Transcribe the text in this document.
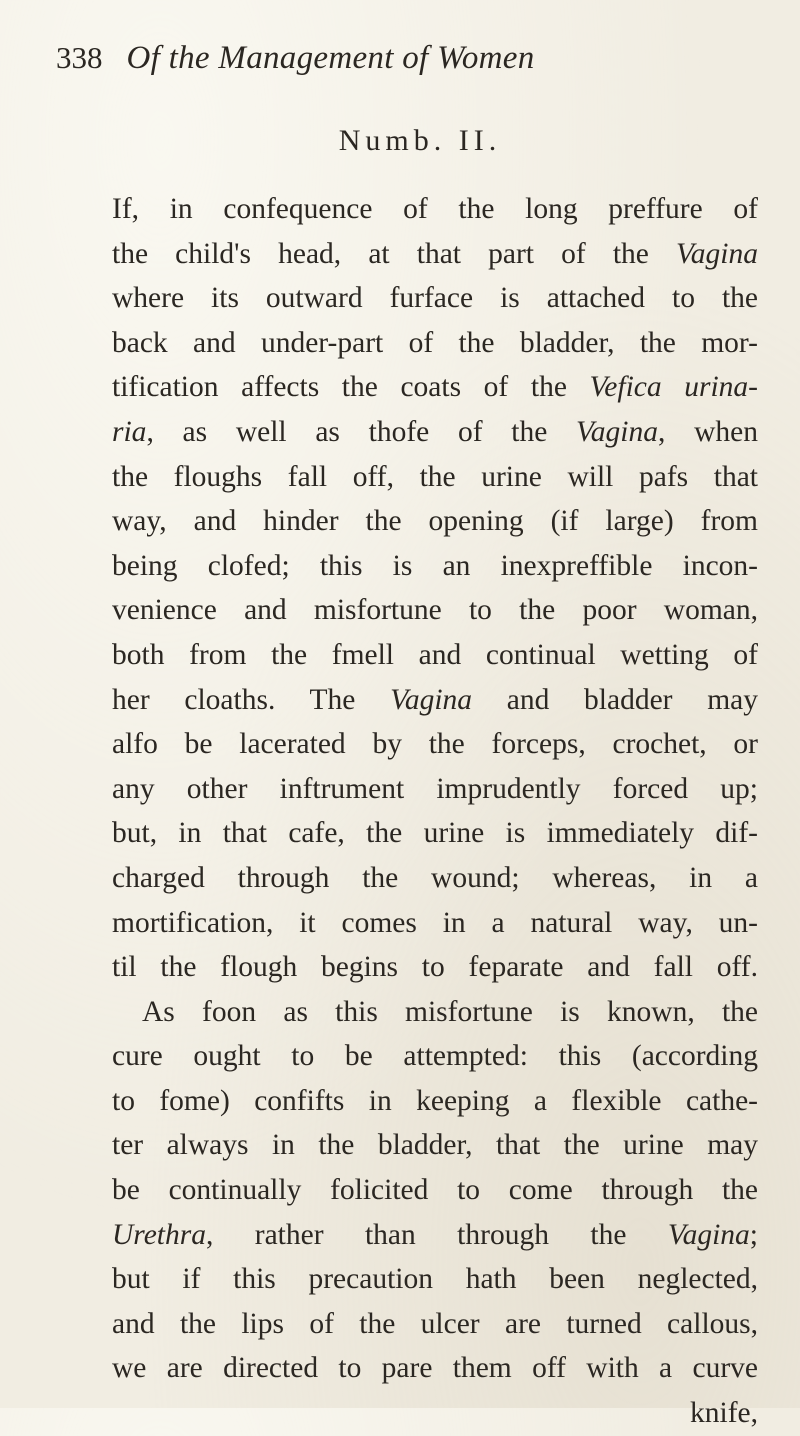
338 Of the Management of Women
Numb. II.
If, in confequence of the long preffure of
the child's head, at that part of the Vagina
where its outward furface is attached to the
back and under-part of the bladder, the mor-
tification affects the coats of the Vefica urina-
ria, as well as thofe of the Vagina, when
the floughs fall off, the urine will pafs that
way, and hinder the opening (if large) from
being clofed; this is an inexpreffible incon-
venience and misfortune to the poor woman,
both from the fmell and continual wetting of
her cloaths. The Vagina and bladder may
alfo be lacerated by the forceps, crochet, or
any other inftrument imprudently forced up;
but, in that cafe, the urine is immediately dif-
charged through the wound; whereas, in a
mortification, it comes in a natural way, un-
til the flough begins to feparate and fall off.
As foon as this misfortune is known, the
cure ought to be attempted: this (according
to fome) confifts in keeping a flexible cathe-
ter always in the bladder, that the urine may
be continually folicited to come through the
Urethra, rather than through the Vagina;
but if this precaution hath been neglected,
and the lips of the ulcer are turned callous,
we are directed to pare them off with a curve
knife,
